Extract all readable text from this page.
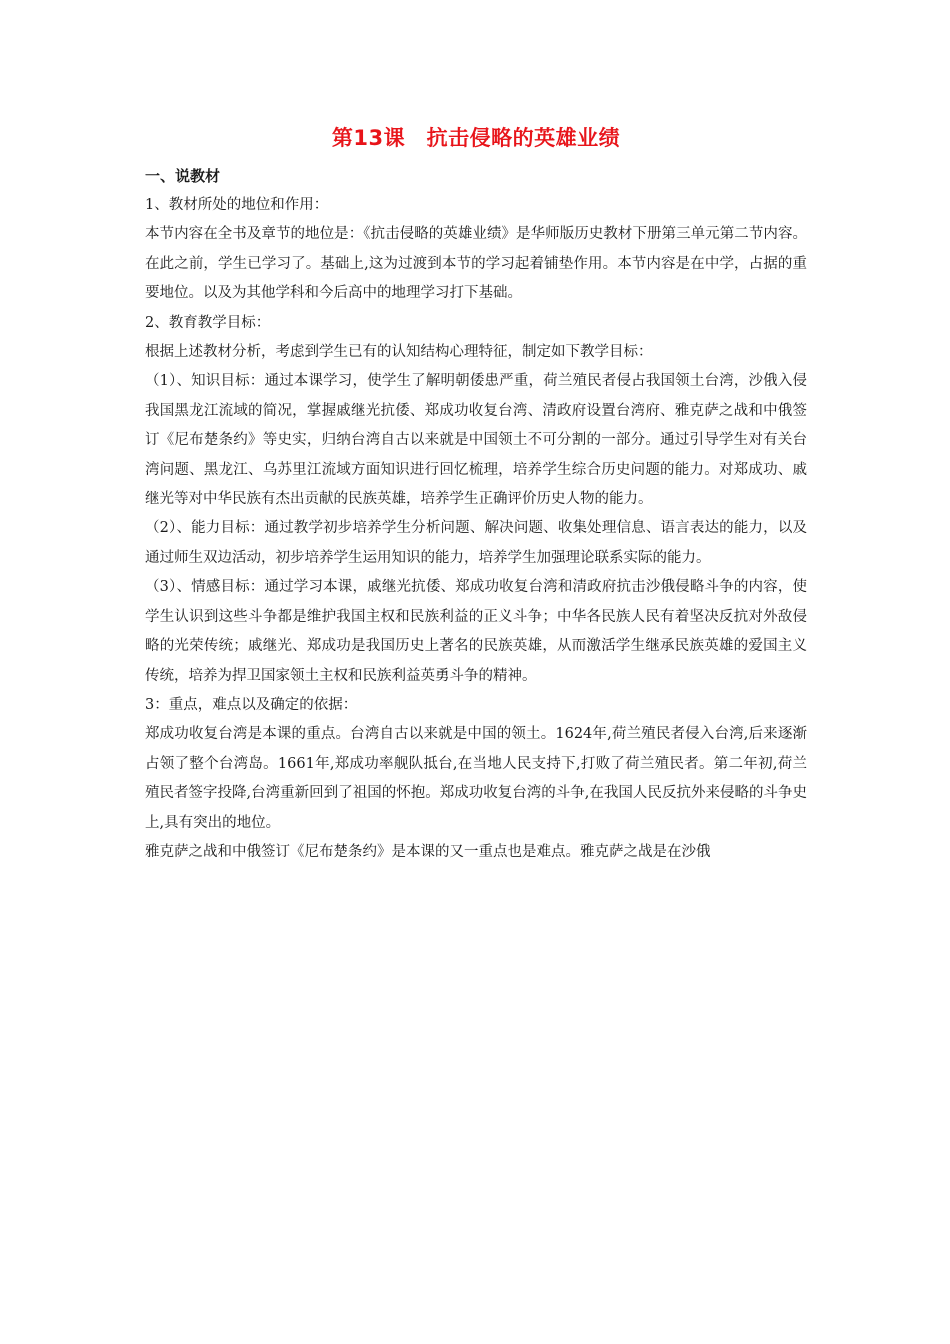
第13课　抗击侵略的英雄业绩

一、说教材

1、教材所处的地位和作用：

本节内容在全书及章节的地位是：《抗击侵略的英雄业绩》是华师版历史教材下册第三单元第二节内容。在此之前，学生已学习了。基础上,这为过渡到本节的学习起着铺垫作用。本节内容是在中学，占据的重要地位。以及为其他学科和今后高中的地理学习打下基础。

2、教育教学目标：

根据上述教材分析，考虑到学生已有的认知结构心理特征，制定如下教学目标：

（1）、知识目标：通过本课学习，使学生了解明朝倭患严重，荷兰殖民者侵占我国领土台湾，沙俄入侵我国黑龙江流域的简况，掌握戚继光抗倭、郑成功收复台湾、清政府设置台湾府、雅克萨之战和中俄签订《尼布楚条约》等史实，归纳台湾自古以来就是中国领土不可分割的一部分。通过引导学生对有关台湾问题、黑龙江、乌苏里江流域方面知识进行回忆梳理，培养学生综合历史问题的能力。对郑成功、戚继光等对中华民族有杰出贡献的民族英雄，培养学生正确评价历史人物的能力。

（2）、能力目标：通过教学初步培养学生分析问题、解决问题、收集处理信息、语言表达的能力，以及通过师生双边活动，初步培养学生运用知识的能力，培养学生加强理论联系实际的能力。

（3）、情感目标：通过学习本课，戚继光抗倭、郑成功收复台湾和清政府抗击沙俄侵略斗争的内容，使学生认识到这些斗争都是维护我国主权和民族利益的正义斗争；中华各民族人民有着坚决反抗对外敌侵略的光荣传统；戚继光、郑成功是我国历史上著名的民族英雄，从而激活学生继承民族英雄的爱国主义传统，培养为捍卫国家领土主权和民族利益英勇斗争的精神。

3：重点，难点以及确定的依据：

郑成功收复台湾是本课的重点。台湾自古以来就是中国的领土。1624年,荷兰殖民者侵入台湾,后来逐渐占领了整个台湾岛。1661年,郑成功率舰队抵台,在当地人民支持下,打败了荷兰殖民者。第二年初,荷兰殖民者签字投降,台湾重新回到了祖国的怀抱。郑成功收复台湾的斗争,在我国人民反抗外来侵略的斗争史上,具有突出的地位。

雅克萨之战和中俄签订《尼布楚条约》是本课的又一重点也是难点。雅克萨之战是在沙俄
